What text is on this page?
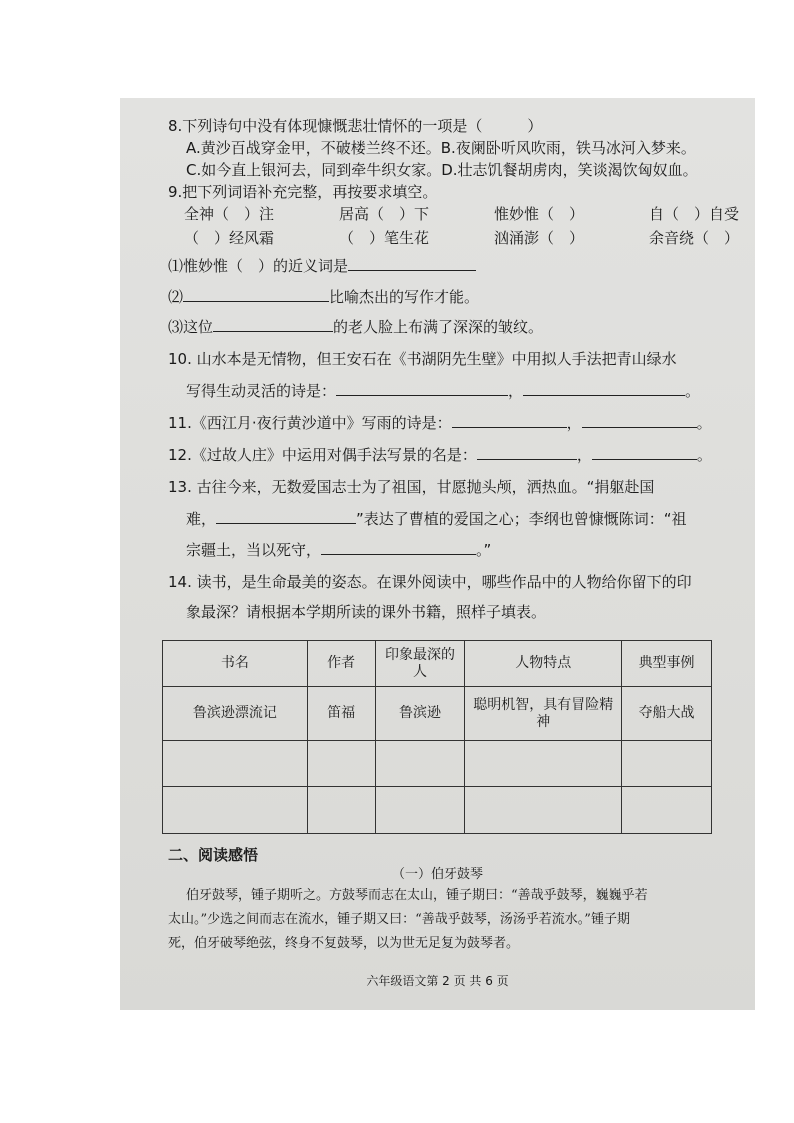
8.下列诗句中没有体现慷慨悲壮情怀的一项是（　　　）
A.黄沙百战穿金甲，不破楼兰终不还。B.夜阑卧听风吹雨，铁马冰河入梦来。
C.如今直上银河去，同到牵牛织女家。D.壮志饥餐胡虏肉，笑谈渴饮匈奴血。
9.把下列词语补充完整，再按要求填空。
全神（　）注	居高（　）下	惟妙惟（　）	自（　）自受
（　）经风霜	（　）笔生花	汹涌澎（　）	余音绕（　）
⑴惟妙惟（　）的近义词是
⑵	比喻杰出的写作才能。
⑶这位	的老人脸上布满了深深的皱纹。
10. 山水本是无情物，但王安石在《书湖阴先生壁》中用拟人手法把青山绿水
写得生动灵活的诗是：	，	。
11.《西江月·夜行黄沙道中》写雨的诗是：	，	。
12.《过故人庄》中运用对偶手法写景的名是：	，	。
13. 古往今来，无数爱国志士为了祖国，甘愿抛头颅，洒热血。“捐躯赴国
难，	”表达了曹植的爱国之心；李纲也曾慷慨陈词：“祖
宗疆土，当以死守，	。”
14. 读书，是生命最美的姿态。在课外阅读中，哪些作品中的人物给你留下的印
象最深？请根据本学期所读的课外书籍，照样子填表。
书名	作者	印象最深的人	人物特点	典型事例
鲁滨逊漂流记	笛福	鲁滨逊	聪明机智，具有冒险精神	夺船大战

二、阅读感悟
（一）伯牙鼓琴
伯牙鼓琴，锺子期听之。方鼓琴而志在太山，锺子期曰：“善哉乎鼓琴，巍巍乎若
太山。”少选之间而志在流水，锺子期又曰：“善哉乎鼓琴，汤汤乎若流水。”锺子期
死，伯牙破琴绝弦，终身不复鼓琴，以为世无足复为鼓琴者。
六年级语文第 2 页 共 6 页
